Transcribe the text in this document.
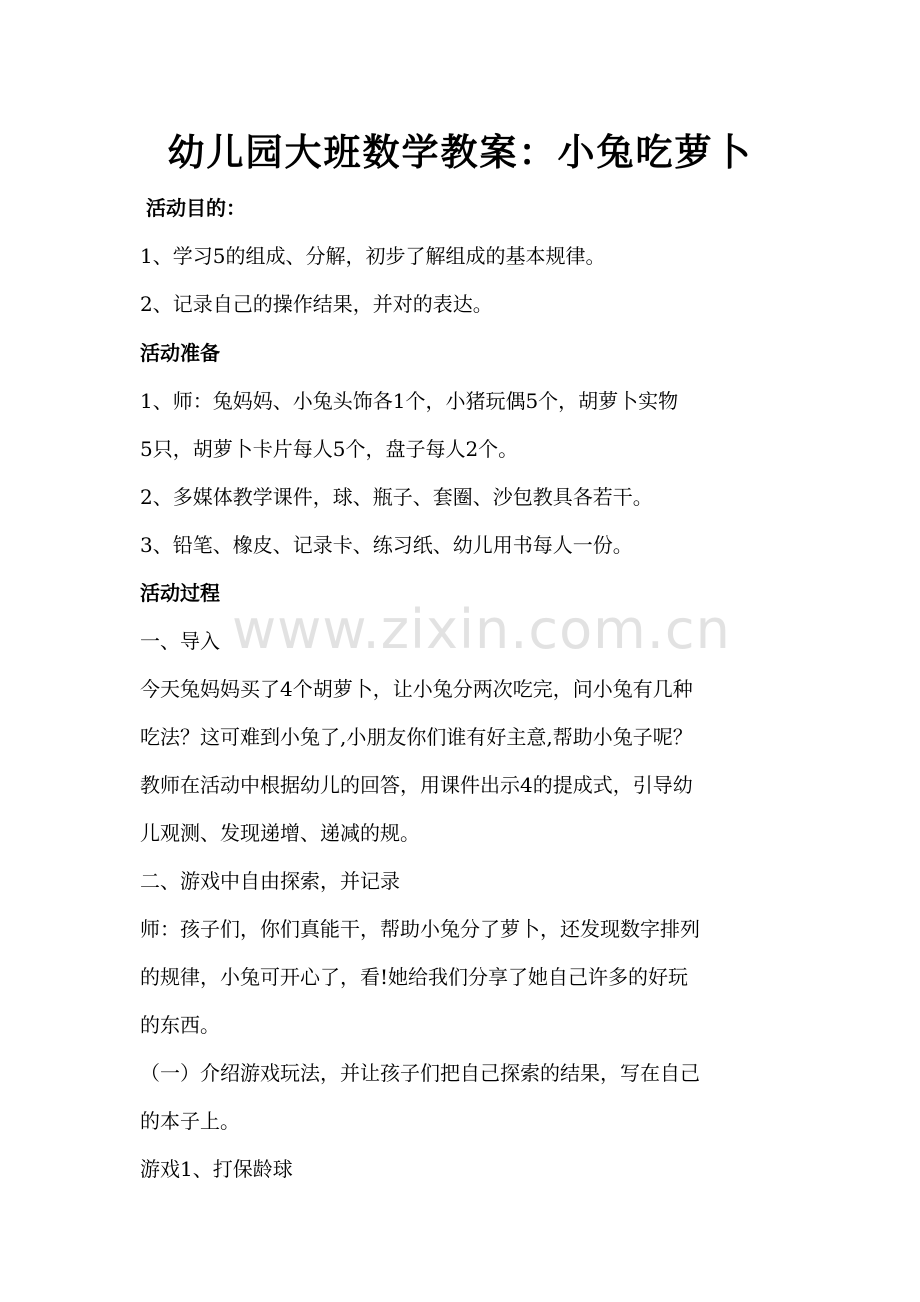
www.zixin.com.cn
幼儿园大班数学教案：小兔吃萝卜
活动目的：
1、学习5的组成、分解，初步了解组成的基本规律。
2、记录自己的操作结果，并对的表达。
活动准备
1、师：兔妈妈、小兔头饰各1个，小猪玩偶5个，胡萝卜实物
5只，胡萝卜卡片每人5个，盘子每人2个。
2、多媒体教学课件，球、瓶子、套圈、沙包教具各若干。
3、铅笔、橡皮、记录卡、练习纸、幼儿用书每人一份。
活动过程
一、导入
今天兔妈妈买了4个胡萝卜，让小兔分两次吃完，问小兔有几种
吃法？这可难到小兔了,小朋友你们谁有好主意,帮助小兔子呢？
教师在活动中根据幼儿的回答，用课件出示4的提成式，引导幼
儿观测、发现递增、递减的规。
二、游戏中自由探索，并记录
师：孩子们，你们真能干，帮助小兔分了萝卜，还发现数字排列
的规律，小兔可开心了，看!她给我们分享了她自己许多的好玩
的东西。
（一）介绍游戏玩法，并让孩子们把自己探索的结果，写在自己
的本子上。
游戏1、打保龄球
